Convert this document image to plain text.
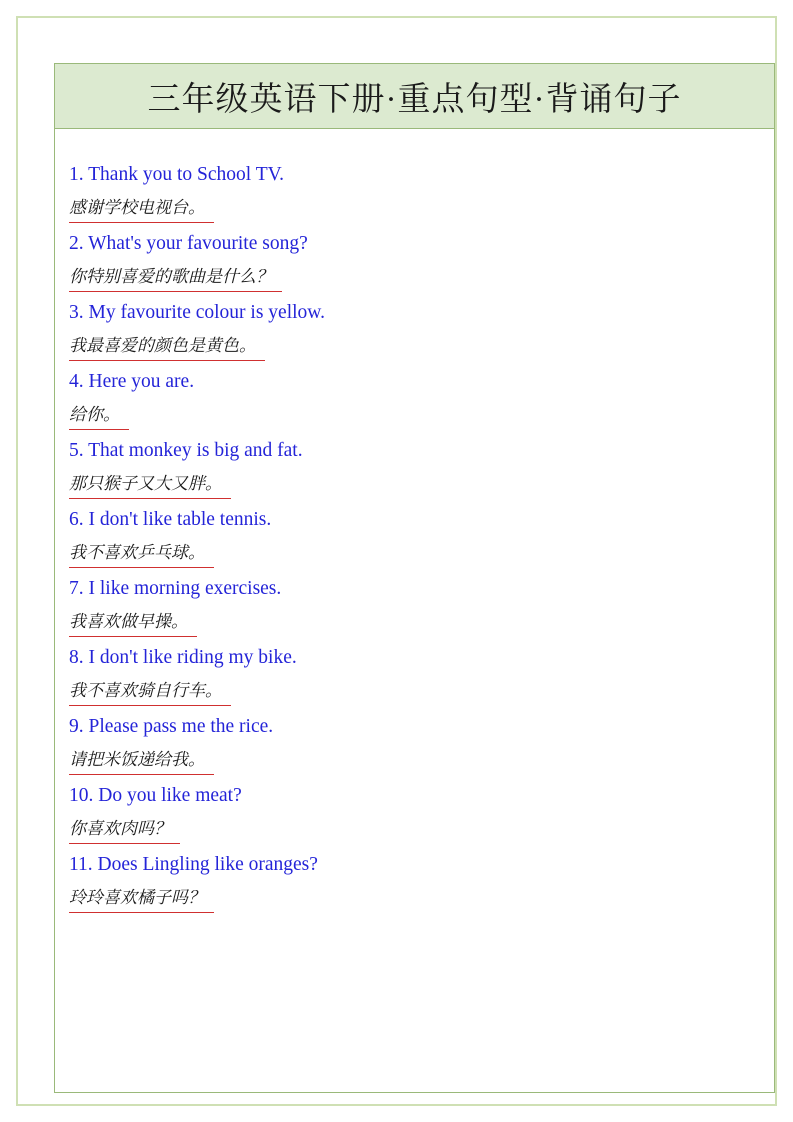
三年级英语下册·重点句型·背诵句子
1. Thank you to School TV.
感谢学校电视台。
2. What's your favourite song?
你特别喜爱的歌曲是什么？
3. My favourite colour is yellow.
我最喜爱的颜色是黄色。
4. Here you are.
给你。
5. That monkey is big and fat.
那只猴子又大又胖。
6. I don't like table tennis.
我不喜欢乒乓球。
7. I like morning exercises.
我喜欢做早操。
8. I don't like riding my bike.
我不喜欢骑自行车。
9. Please pass me the rice.
请把米饭递给我。
10. Do you like meat?
你喜欢肉吗？
11. Does Lingling like oranges?
玲玲喜欢橘子吗？
